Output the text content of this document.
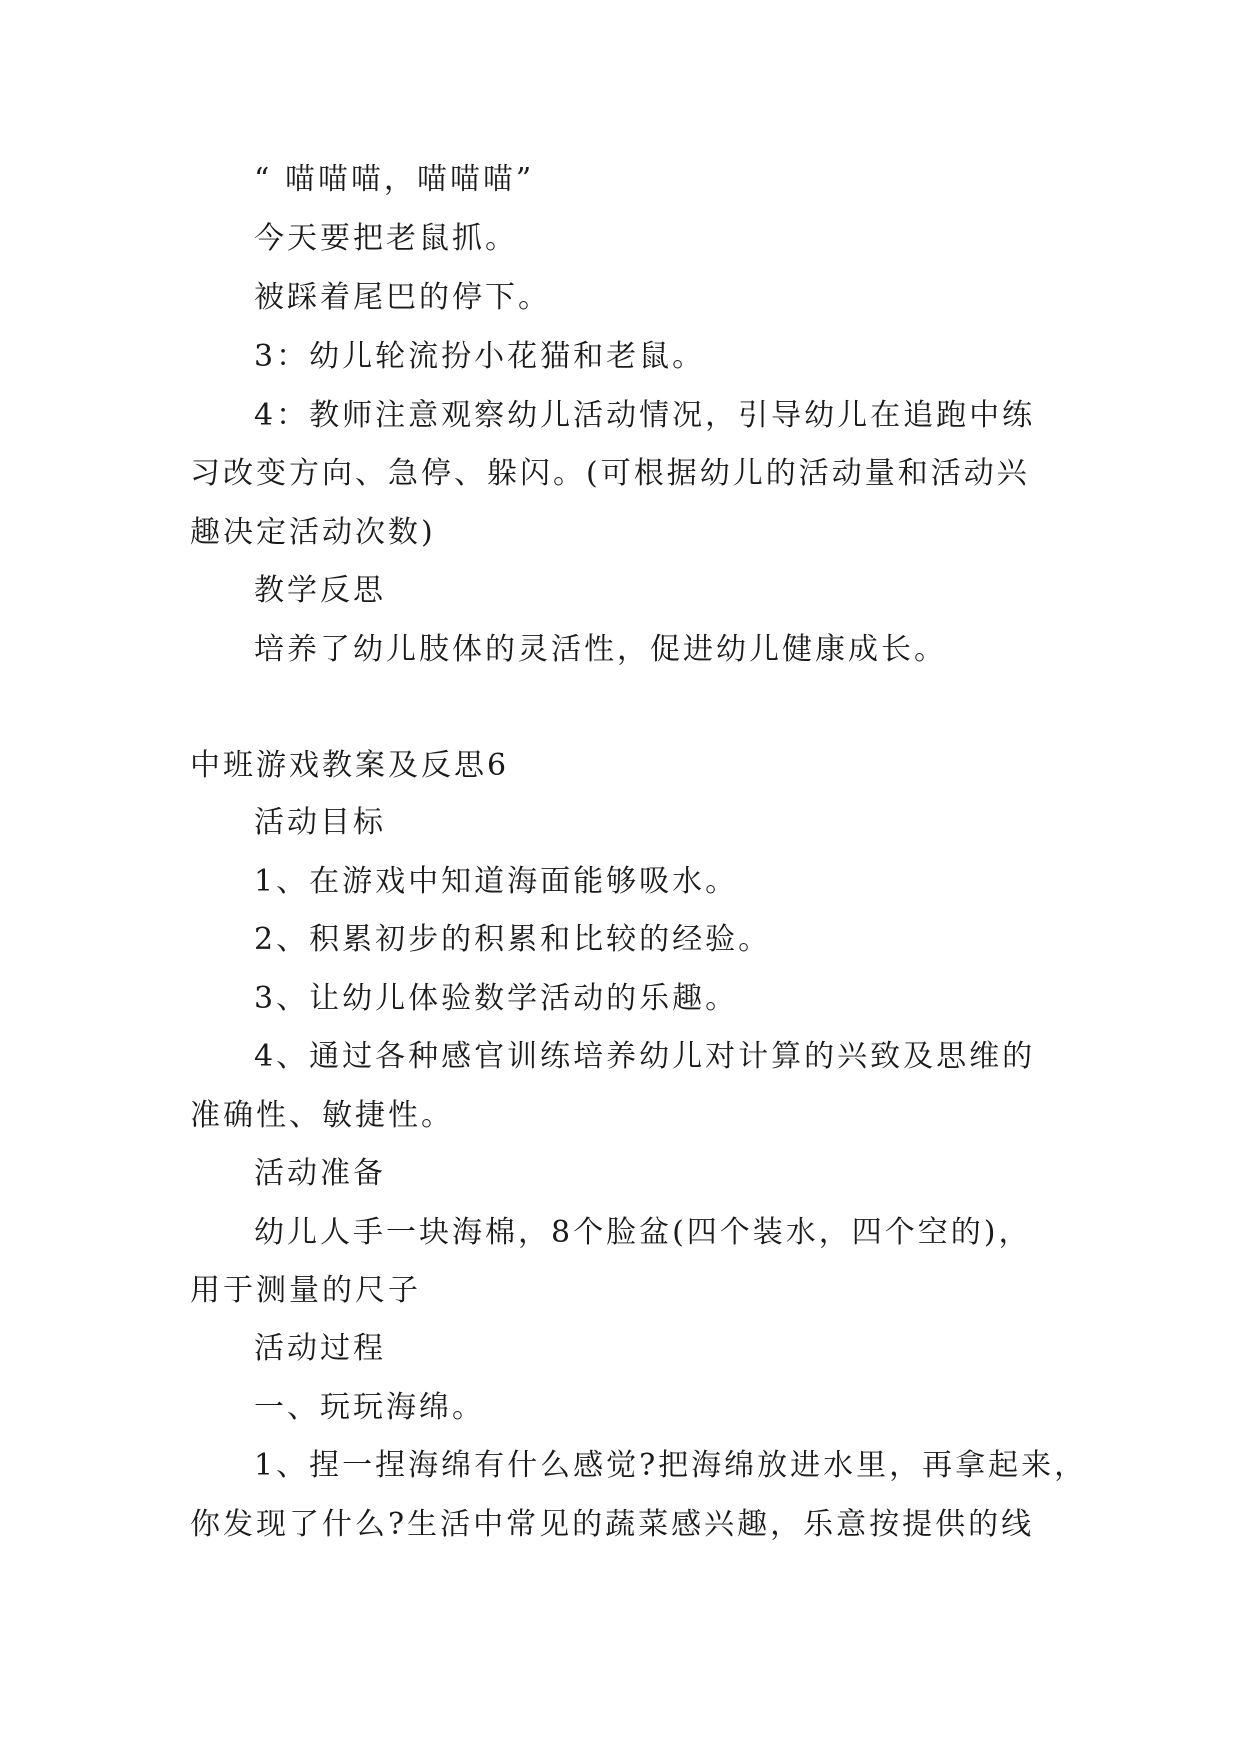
“ 喵喵喵，喵喵喵”
今天要把老鼠抓。
被踩着尾巴的停下。
3：幼儿轮流扮小花猫和老鼠。
4：教师注意观察幼儿活动情况，引导幼儿在追跑中练
习改变方向、急停、躲闪。(可根据幼儿的活动量和活动兴
趣决定活动次数)
教学反思
培养了幼儿肢体的灵活性，促进幼儿健康成长。
中班游戏教案及反思6
活动目标
1、在游戏中知道海面能够吸水。
2、积累初步的积累和比较的经验。
3、让幼儿体验数学活动的乐趣。
4、通过各种感官训练培养幼儿对计算的兴致及思维的
准确性、敏捷性。
活动准备
幼儿人手一块海棉，8个脸盆(四个装水，四个空的)，
用于测量的尺子
活动过程
一、玩玩海绵。
1、捏一捏海绵有什么感觉?把海绵放进水里，再拿起来，
你发现了什么?生活中常见的蔬菜感兴趣，乐意按提供的线
